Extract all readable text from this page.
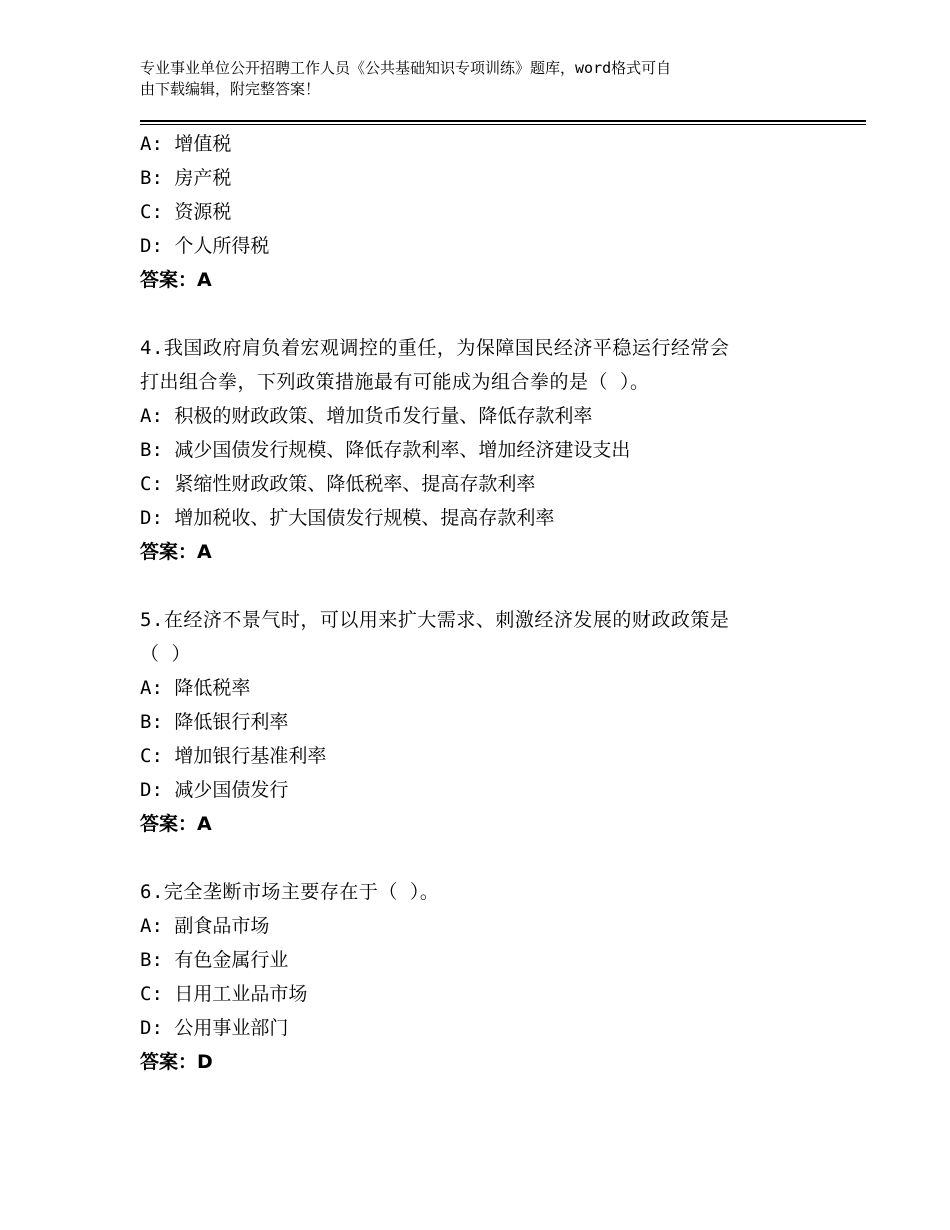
专业事业单位公开招聘工作人员《公共基础知识专项训练》题库，word格式可自
由下载编辑，附完整答案！
A: 增值税
B: 房产税
C: 资源税
D: 个人所得税
答案：A
4.我国政府肩负着宏观调控的重任，为保障国民经济平稳运行经常会
打出组合拳，下列政策措施最有可能成为组合拳的是（ ）。
A: 积极的财政政策、增加货币发行量、降低存款利率
B: 减少国债发行规模、降低存款利率、增加经济建设支出
C: 紧缩性财政政策、降低税率、提高存款利率
D: 增加税收、扩大国债发行规模、提高存款利率
答案：A
5.在经济不景气时，可以用来扩大需求、刺激经济发展的财政政策是
（ ）
A: 降低税率
B: 降低银行利率
C: 增加银行基准利率
D: 减少国债发行
答案：A
6.完全垄断市场主要存在于（ ）。
A: 副食品市场
B: 有色金属行业
C: 日用工业品市场
D: 公用事业部门
答案：D
